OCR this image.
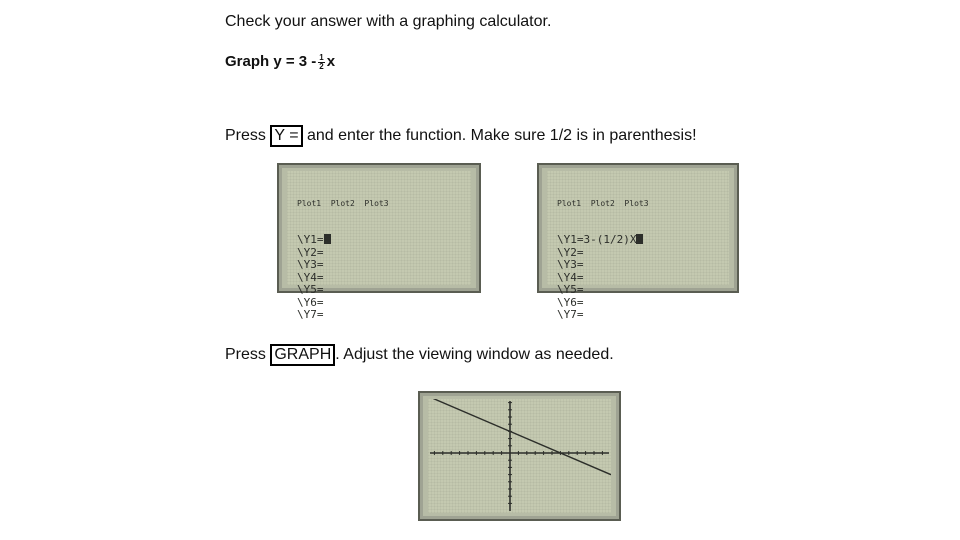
Check your answer with a graphing calculator.
Graph $y = 3 - \frac{1}{2}$ x
Press Y = and enter the function. Make sure 1/2 is in parenthesis!

Plot1  Plot2  Plot3

\Y1=
\Y2=
\Y3=
\Y4=
\Y5=
\Y6=
\Y7=

Plot1  Plot2  Plot3

\Y1=3-(1/2)X
\Y2=
\Y3=
\Y4=
\Y5=
\Y6=
\Y7=
Press GRAPH . Adjust the viewing window as needed.
